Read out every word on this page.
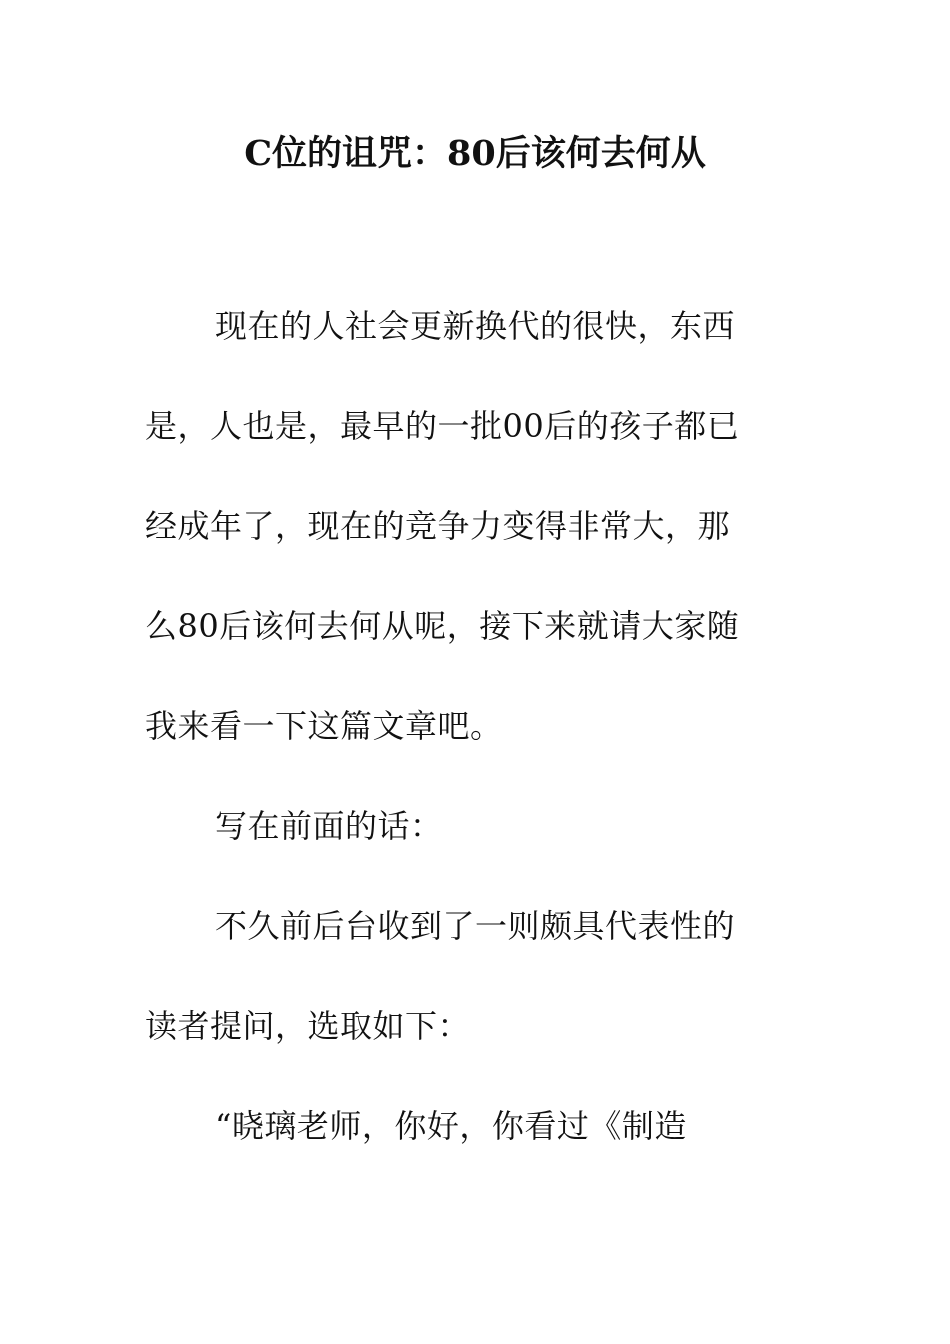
C位的诅咒：80后该何去何从
现在的人社会更新换代的很快，东西
是，人也是，最早的一批00后的孩子都已
经成年了，现在的竞争力变得非常大，那
么80后该何去何从呢，接下来就请大家随
我来看一下这篇文章吧。
写在前面的话：
不久前后台收到了一则颇具代表性的
读者提问，选取如下：
“晓璃老师，你好，你看过《制造
